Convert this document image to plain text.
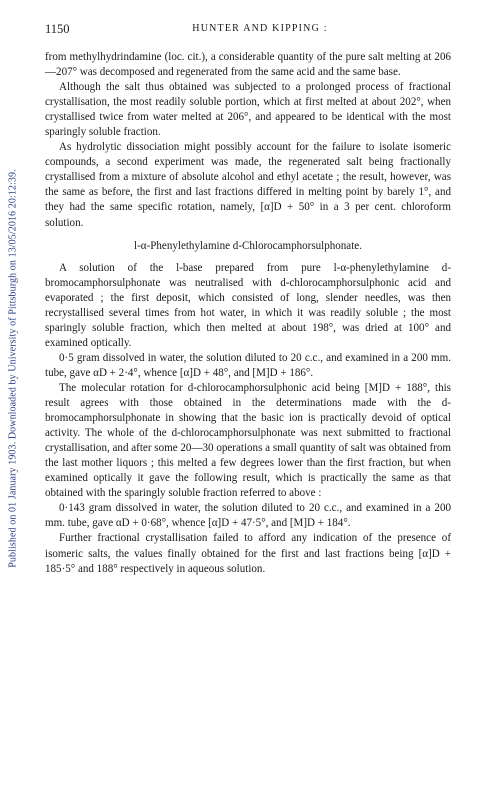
Published on 01 January 1903. Downloaded by University of Pittsburgh on 13/05/2016 20:12:39.
1150	HUNTER AND KIPPING :

from methylhydrindamine (loc. cit.), a considerable quantity of the pure salt melting at 206—207° was decomposed and regenerated from the same acid and the same base.

Although the salt thus obtained was subjected to a prolonged process of fractional crystallisation, the most readily soluble portion, which at first melted at about 202°, when crystallised twice from water melted at 206°, and appeared to be identical with the most sparingly soluble fraction.

As hydrolytic dissociation might possibly account for the failure to isolate isomeric compounds, a second experiment was made, the regenerated salt being fractionally crystallised from a mixture of absolute alcohol and ethyl acetate ; the result, however, was the same as before, the first and last fractions differed in melting point by barely 1°, and they had the same specific rotation, namely, [α]D + 50° in a 3 per cent. chloroform solution.

l-α-Phenylethylamine d-Chlorocamphorsulphonate.

A solution of the l-base prepared from pure l-α-phenylethylamine d-bromocamphorsulphonate was neutralised with d-chlorocamphorsulphonic acid and evaporated ; the first deposit, which consisted of long, slender needles, was then recrystallised several times from hot water, in which it was readily soluble ; the most sparingly soluble fraction, which then melted at about 198°, was dried at 100° and examined optically.

0·5 gram dissolved in water, the solution diluted to 20 c.c., and examined in a 200 mm. tube, gave αD + 2·4°, whence [α]D + 48°, and [M]D + 186°.

The molecular rotation for d-chlorocamphorsulphonic acid being [M]D + 188°, this result agrees with those obtained in the determinations made with the d-bromocamphorsulphonate in showing that the basic ion is practically devoid of optical activity. The whole of the d-chlorocamphorsulphonate was next submitted to fractional crystallisation, and after some 20—30 operations a small quantity of salt was obtained from the last mother liquors ; this melted a few degrees lower than the first fraction, but when examined optically it gave the following result, which is practically the same as that obtained with the sparingly soluble fraction referred to above :

0·143 gram dissolved in water, the solution diluted to 20 c.c., and examined in a 200 mm. tube, gave αD + 0·68°, whence [α]D + 47·5°, and [M]D + 184°.

Further fractional crystallisation failed to afford any indication of the presence of isomeric salts, the values finally obtained for the first and last fractions being [α]D + 185·5° and 188° respectively in aqueous solution.
